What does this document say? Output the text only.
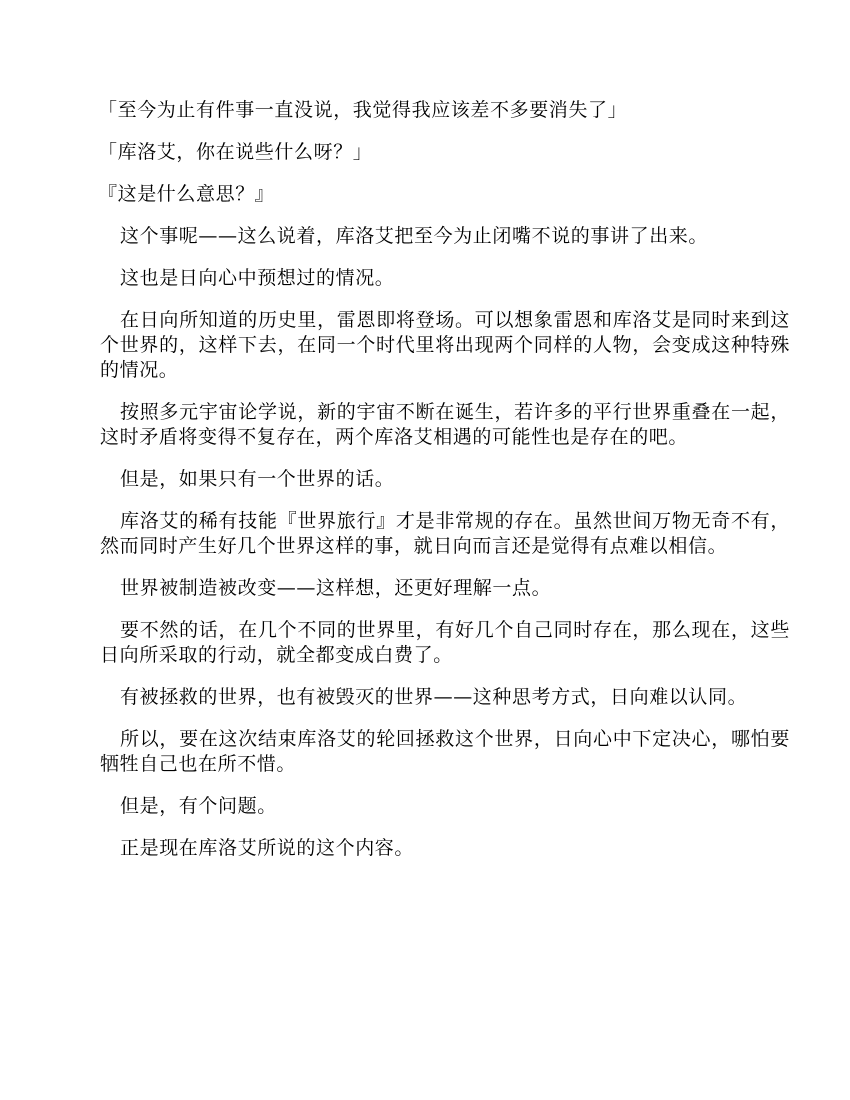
「至今为止有件事一直没说，我觉得我应该差不多要消失了」

「库洛艾，你在说些什么呀？」

『这是什么意思？』

这个事呢——这么说着，库洛艾把至今为止闭嘴不说的事讲了出来。

这也是日向心中预想过的情况。

在日向所知道的历史里，雷恩即将登场。可以想象雷恩和库洛艾是同时来到这个世界的，这样下去，在同一个时代里将出现两个同样的人物，会变成这种特殊的情况。

按照多元宇宙论学说，新的宇宙不断在诞生，若许多的平行世界重叠在一起，这时矛盾将变得不复存在，两个库洛艾相遇的可能性也是存在的吧。

但是，如果只有一个世界的话。

库洛艾的稀有技能『世界旅行』才是非常规的存在。虽然世间万物无奇不有，然而同时产生好几个世界这样的事，就日向而言还是觉得有点难以相信。

世界被制造被改变——这样想，还更好理解一点。

要不然的话，在几个不同的世界里，有好几个自己同时存在，那么现在，这些日向所采取的行动，就全都变成白费了。

有被拯救的世界，也有被毁灭的世界——这种思考方式，日向难以认同。

所以，要在这次结束库洛艾的轮回拯救这个世界，日向心中下定决心，哪怕要牺牲自己也在所不惜。

但是，有个问题。

正是现在库洛艾所说的这个内容。
